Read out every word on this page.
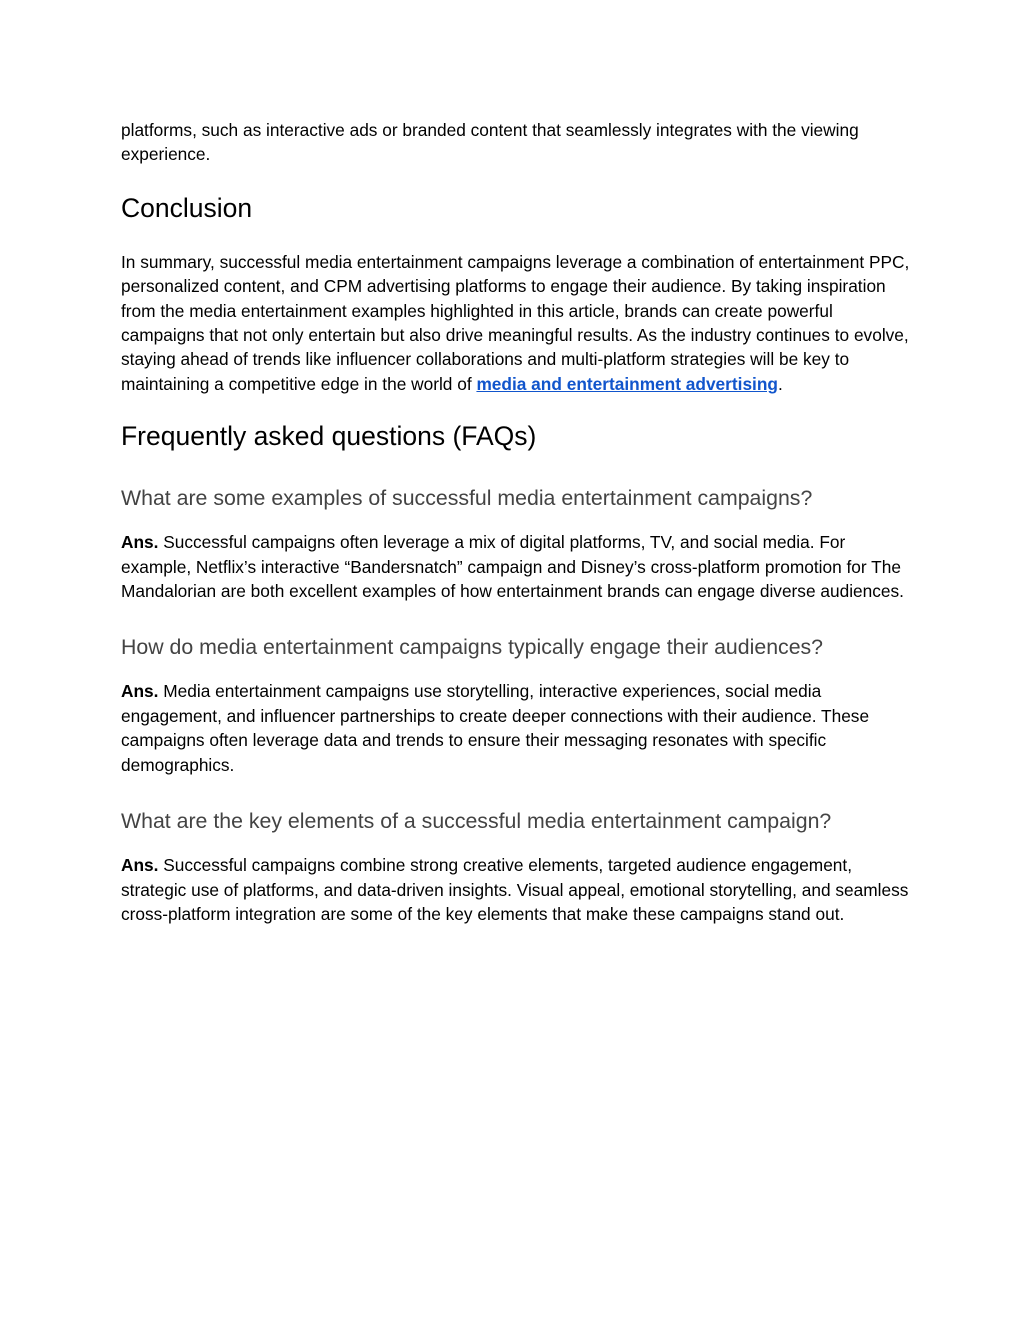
platforms, such as interactive ads or branded content that seamlessly integrates with the viewing experience.

Conclusion

In summary, successful media entertainment campaigns leverage a combination of entertainment PPC, personalized content, and CPM advertising platforms to engage their audience. By taking inspiration from the media entertainment examples highlighted in this article, brands can create powerful campaigns that not only entertain but also drive meaningful results. As the industry continues to evolve, staying ahead of trends like influencer collaborations and multi-platform strategies will be key to maintaining a competitive edge in the world of media and entertainment advertising.

Frequently asked questions (FAQs)
What are some examples of successful media entertainment campaigns?

Ans. Successful campaigns often leverage a mix of digital platforms, TV, and social media. For example, Netflix’s interactive “Bandersnatch” campaign and Disney’s cross-platform promotion for The Mandalorian are both excellent examples of how entertainment brands can engage diverse audiences.

How do media entertainment campaigns typically engage their audiences?

Ans. Media entertainment campaigns use storytelling, interactive experiences, social media engagement, and influencer partnerships to create deeper connections with their audience. These campaigns often leverage data and trends to ensure their messaging resonates with specific demographics.

What are the key elements of a successful media entertainment campaign?

Ans. Successful campaigns combine strong creative elements, targeted audience engagement, strategic use of platforms, and data-driven insights. Visual appeal, emotional storytelling, and seamless cross-platform integration are some of the key elements that make these campaigns stand out.
